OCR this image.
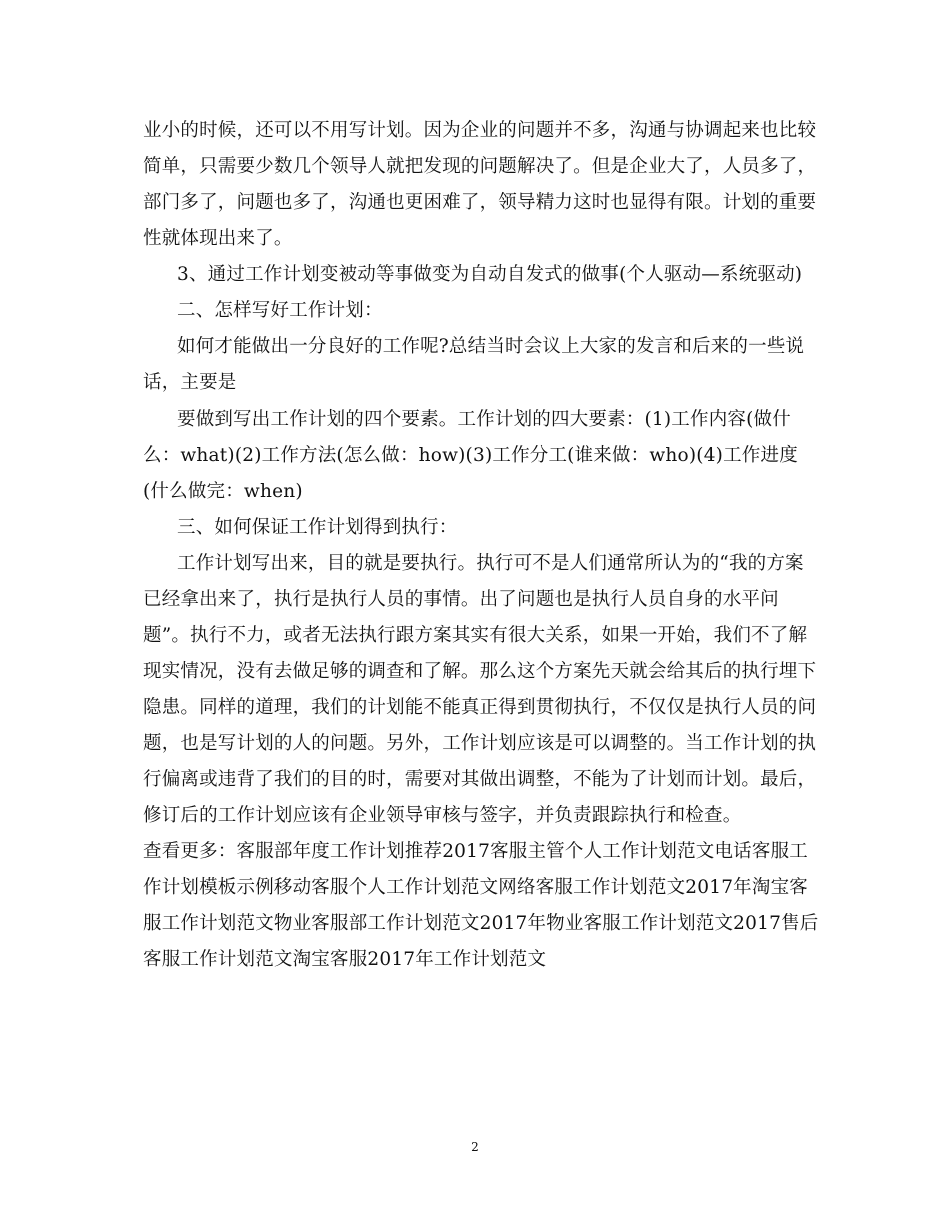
业小的时候，还可以不用写计划。因为企业的问题并不多，沟通与协调起来也比较
简单，只需要少数几个领导人就把发现的问题解决了。但是企业大了，人员多了，
部门多了，问题也多了，沟通也更困难了，领导精力这时也显得有限。计划的重要
性就体现出来了。
3、通过工作计划变被动等事做变为自动自发式的做事(个人驱动—系统驱动)
二、怎样写好工作计划：
如何才能做出一分良好的工作呢?总结当时会议上大家的发言和后来的一些说
话，主要是
要做到写出工作计划的四个要素。工作计划的四大要素：(1)工作内容(做什
么：what)(2)工作方法(怎么做：how)(3)工作分工(谁来做：who)(4)工作进度
(什么做完：when)
三、如何保证工作计划得到执行：
工作计划写出来，目的就是要执行。执行可不是人们通常所认为的“我的方案
已经拿出来了，执行是执行人员的事情。出了问题也是执行人员自身的水平问
题”。执行不力，或者无法执行跟方案其实有很大关系，如果一开始，我们不了解
现实情况，没有去做足够的调查和了解。那么这个方案先天就会给其后的执行埋下
隐患。同样的道理，我们的计划能不能真正得到贯彻执行，不仅仅是执行人员的问
题，也是写计划的人的问题。另外，工作计划应该是可以调整的。当工作计划的执
行偏离或违背了我们的目的时，需要对其做出调整，不能为了计划而计划。最后，
修订后的工作计划应该有企业领导审核与签字，并负责跟踪执行和检查。
查看更多：客服部年度工作计划推荐2017客服主管个人工作计划范文电话客服工
作计划模板示例移动客服个人工作计划范文网络客服工作计划范文2017年淘宝客
服工作计划范文物业客服部工作计划范文2017年物业客服工作计划范文2017售后
客服工作计划范文淘宝客服2017年工作计划范文
2
